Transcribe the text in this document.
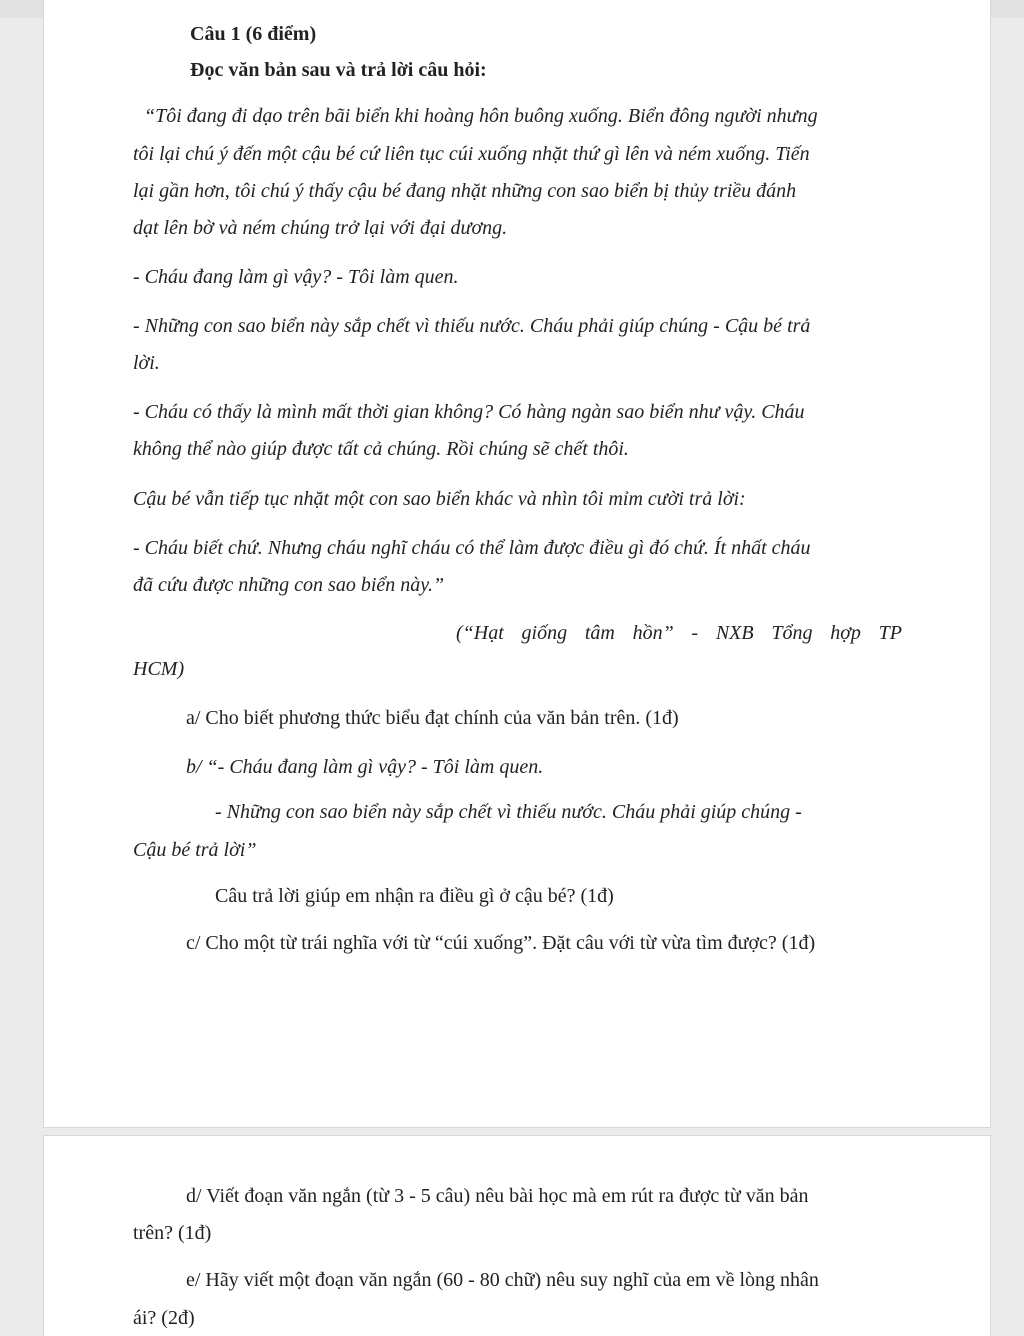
Câu 1 (6 điểm)
Đọc văn bản sau và trả lời câu hỏi:
“Tôi đang đi dạo trên bãi biển khi hoàng hôn buông xuống. Biển đông người nhưng
tôi lại chú ý đến một cậu bé cứ liên tục cúi xuống nhặt thứ gì lên và ném xuống. Tiến
lại gần hơn, tôi chú ý thấy cậu bé đang nhặt những con sao biển bị thủy triều đánh
dạt lên bờ và ném chúng trở lại với đại dương.
- Cháu đang làm gì vậy? - Tôi làm quen.
- Những con sao biển này sắp chết vì thiếu nước. Cháu phải giúp chúng - Cậu bé trả
lời.
- Cháu có thấy là mình mất thời gian không? Có hàng ngàn sao biển như vậy. Cháu
không thể nào giúp được tất cả chúng. Rồi chúng sẽ chết thôi.
Cậu bé vẫn tiếp tục nhặt một con sao biển khác và nhìn tôi mỉm cười trả lời:
- Cháu biết chứ. Nhưng cháu nghĩ cháu có thể làm được điều gì đó chứ. Ít nhất cháu
đã cứu được những con sao biển này.”
(“Hạt giống tâm hồn” - NXB Tổng hợp TP
HCM)
a/ Cho biết phương thức biểu đạt chính của văn bản trên. (1đ)
b/ “- Cháu đang làm gì vậy? - Tôi làm quen.
- Những con sao biển này sắp chết vì thiếu nước. Cháu phải giúp chúng -
Cậu bé trả lời”
Câu trả lời giúp em nhận ra điều gì ở cậu bé? (1đ)
c/ Cho một từ trái nghĩa với từ “cúi xuống”. Đặt câu với từ vừa tìm được? (1đ)
d/ Viết đoạn văn ngắn (từ 3 - 5 câu) nêu bài học mà em rút ra được từ văn bản
trên? (1đ)
e/ Hãy viết một đoạn văn ngắn (60 - 80 chữ) nêu suy nghĩ của em về lòng nhân
ái? (2đ)
